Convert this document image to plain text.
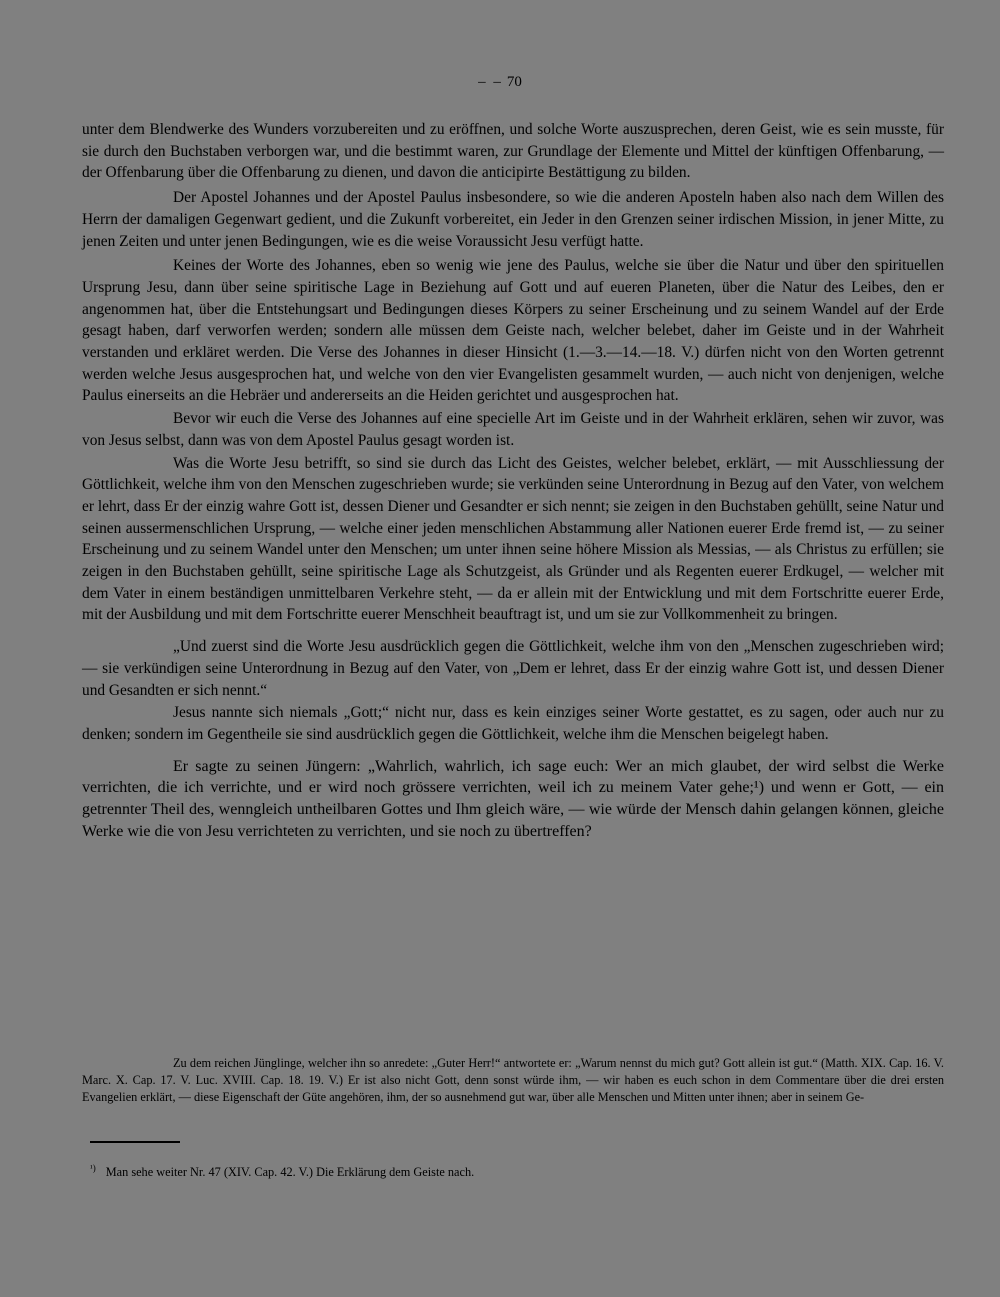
– – 70

unter dem Blendwerke des Wunders vorzubereiten und zu eröffnen, und solche Worte auszusprechen, deren Geist, wie es sein musste, für sie durch den Buchstaben verborgen war, und die bestimmt waren, zur Grundlage der Elemente und Mittel der künftigen Offenbarung, — der Offenbarung über die Offenbarung zu dienen, und davon die anticipirte Bestättigung zu bilden.

Der Apostel Johannes und der Apostel Paulus insbesondere, so wie die anderen Aposteln haben also nach dem Willen des Herrn der damaligen Gegenwart gedient, und die Zukunft vorbereitet, ein Jeder in den Grenzen seiner irdischen Mission, in jener Mitte, zu jenen Zeiten und unter jenen Bedingungen, wie es die weise Voraussicht Jesu verfügt hatte.

Keines der Worte des Johannes, eben so wenig wie jene des Paulus, welche sie über die Natur und über den spirituellen Ursprung Jesu, dann über seine spiritische Lage in Beziehung auf Gott und auf eueren Planeten, über die Natur des Leibes, den er angenommen hat, über die Entstehungsart und Bedingungen dieses Körpers zu seiner Erscheinung und zu seinem Wandel auf der Erde gesagt haben, darf verworfen werden; sondern alle müssen dem Geiste nach, welcher belebet, daher im Geiste und in der Wahrheit verstanden und erkläret werden. Die Verse des Johannes in dieser Hinsicht (1.—3.—14.—18. V.) dürfen nicht von den Worten getrennt werden welche Jesus ausgesprochen hat, und welche von den vier Evangelisten gesammelt wurden, — auch nicht von denjenigen, welche Paulus einerseits an die Hebräer und andererseits an die Heiden gerichtet und ausgesprochen hat.

Bevor wir euch die Verse des Johannes auf eine specielle Art im Geiste und in der Wahrheit erklären, sehen wir zuvor, was von Jesus selbst, dann was von dem Apostel Paulus gesagt worden ist.

Was die Worte Jesu betrifft, so sind sie durch das Licht des Geistes, welcher belebet, erklärt, — mit Ausschliessung der Göttlichkeit, welche ihm von den Menschen zugeschrieben wurde; sie verkünden seine Unterordnung in Bezug auf den Vater, von welchem er lehrt, dass Er der einzig wahre Gott ist, dessen Diener und Gesandter er sich nennt; sie zeigen in den Buchstaben gehüllt, seine Natur und seinen aussermenschlichen Ursprung, — welche einer jeden menschlichen Abstammung aller Nationen euerer Erde fremd ist, — zu seiner Erscheinung und zu seinem Wandel unter den Menschen; um unter ihnen seine höhere Mission als Messias, — als Christus zu erfüllen; sie zeigen in den Buchstaben gehüllt, seine spiritische Lage als Schutzgeist, als Gründer und als Regenten euerer Erdkugel, — welcher mit dem Vater in einem beständigen unmittelbaren Verkehre steht, — da er allein mit der Entwicklung und mit dem Fortschritte euerer Erde, mit der Ausbildung und mit dem Fortschritte euerer Menschheit beauftragt ist, und um sie zur Vollkommenheit zu bringen.

„Und zuerst sind die Worte Jesu ausdrücklich gegen die Göttlichkeit, welche ihm von den „Menschen zugeschrieben wird; — sie verkündigen seine Unterordnung in Bezug auf den Vater, von „Dem er lehret, dass Er der einzig wahre Gott ist, und dessen Diener und Gesandten er sich nennt.“

Jesus nannte sich niemals „Gott;“ nicht nur, dass es kein einziges seiner Worte gestattet, es zu sagen, oder auch nur zu denken; sondern im Gegentheile sie sind ausdrücklich gegen die Göttlichkeit, welche ihm die Menschen beigelegt haben.

Er sagte zu seinen Jüngern: „Wahrlich, wahrlich, ich sage euch: Wer an mich glaubet, der wird selbst die Werke verrichten, die ich verrichte, und er wird noch grössere verrichten, weil ich zu meinem Vater gehe;¹) und wenn er Gott, — ein getrennter Theil des, wenngleich untheilbaren Gottes und Ihm gleich wäre, — wie würde der Mensch dahin gelangen können, gleiche Werke wie die von Jesu verrichteten zu verrichten, und sie noch zu übertreffen?

Zu dem reichen Jünglinge, welcher ihn so anredete: „Guter Herr!“ antwortete er: „Warum nennst du mich gut? Gott allein ist gut.“ (Matth. XIX. Cap. 16. V. Marc. X. Cap. 17. V. Luc. XVIII. Cap. 18. 19. V.) Er ist also nicht Gott, denn sonst würde ihm, — wir haben es euch schon in dem Commentare über die drei ersten Evangelien erklärt, — diese Eigenschaft der Güte angehören, ihm, der so ausnehmend gut war, über alle Menschen und Mitten unter ihnen; aber in seinem Ge-

$^{^1)}$ Man sehe weiter Nr. 47 (XIV. Cap. 42. V.) Die Erklärung dem Geiste nach.
